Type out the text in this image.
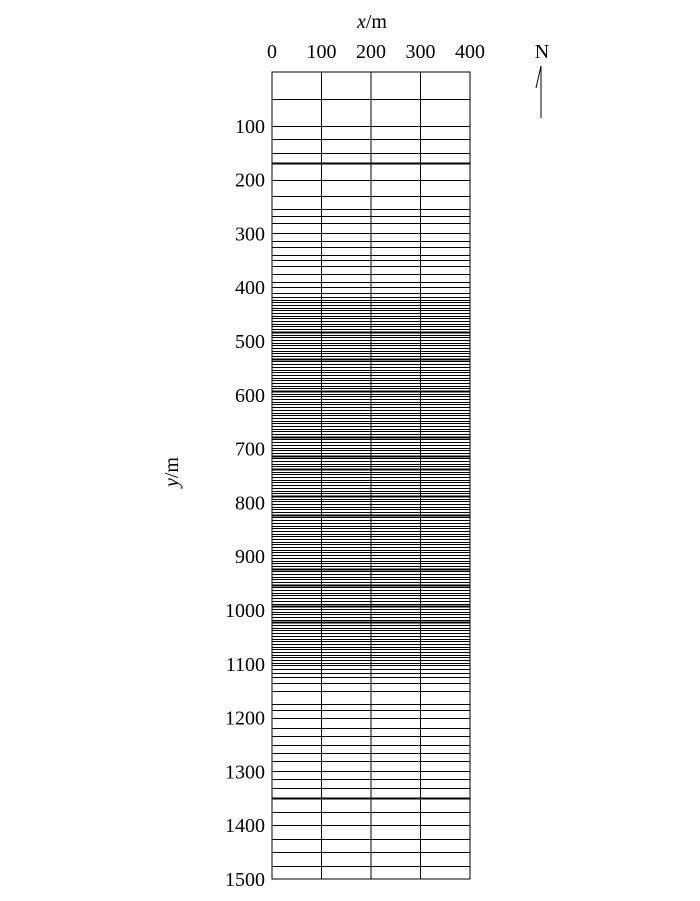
x/m
y/m
N
0 100 200 300 400
100
200
300
400
500
600
700
800
900
1000
1100
1200
1300
1400
1500
